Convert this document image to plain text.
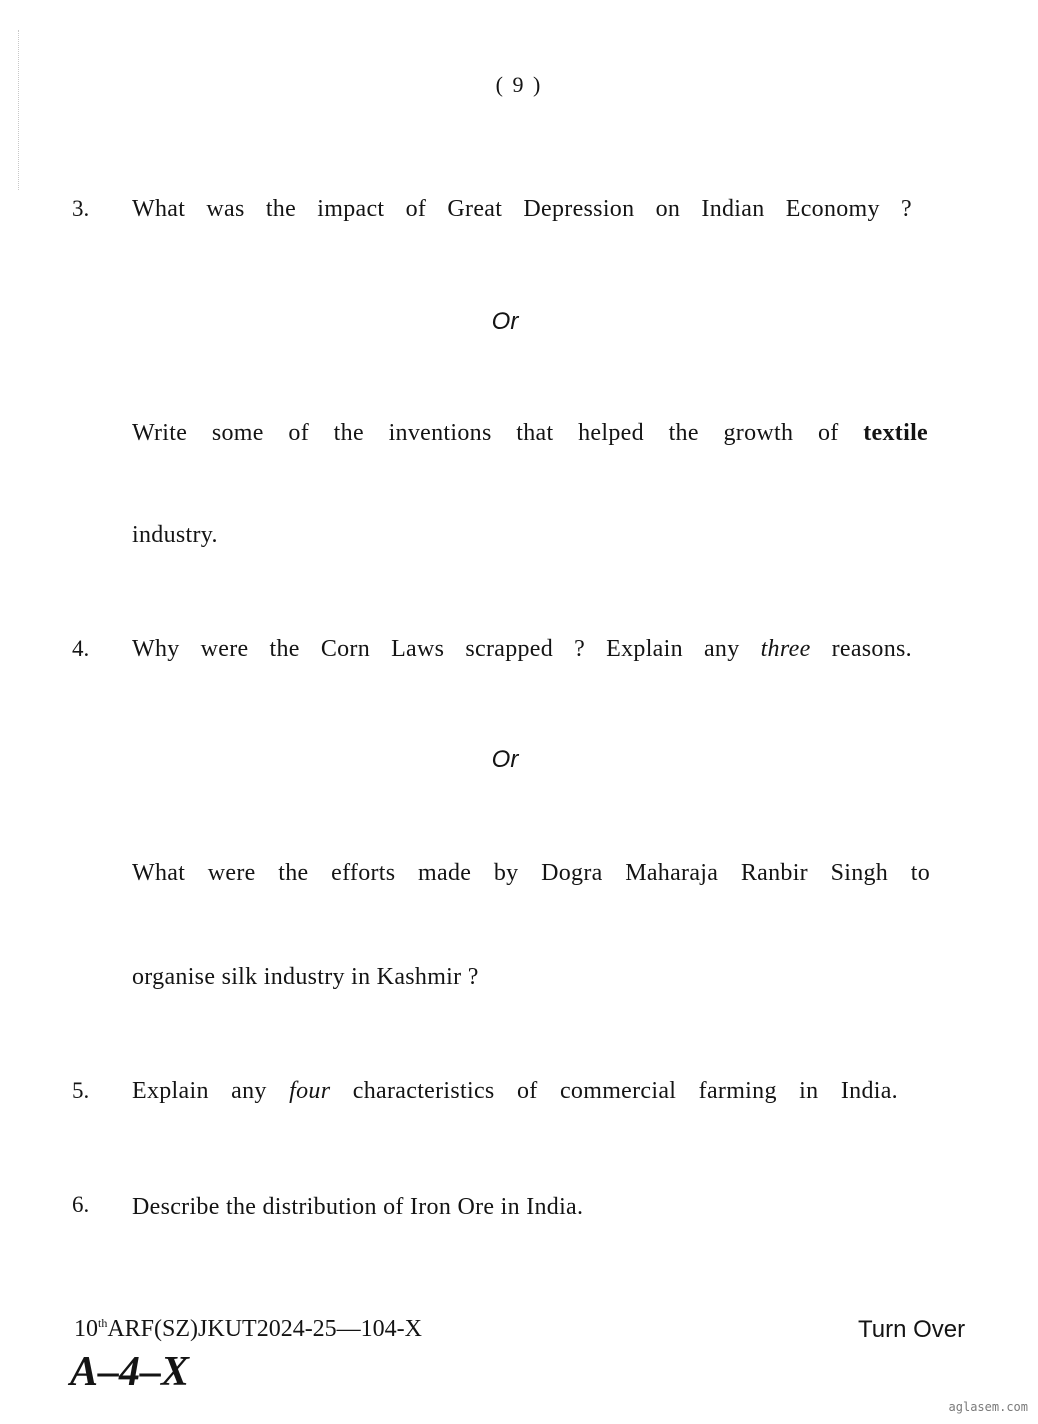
( 9 )
3. What was the impact of Great Depression on Indian Economy ?
Or
Write some of the inventions that helped the growth of textile
industry.
4. Why were the Corn Laws scrapped ? Explain any three reasons.
Or
What were the efforts made by Dogra Maharaja Ranbir Singh to
organise silk industry in Kashmir ?
5. Explain any four characteristics of commercial farming in India.
6. Describe the distribution of Iron Ore in India.
10thARF(SZ)JKUT2024-25—104-X
A–4–X
Turn Over
aglasem.com
